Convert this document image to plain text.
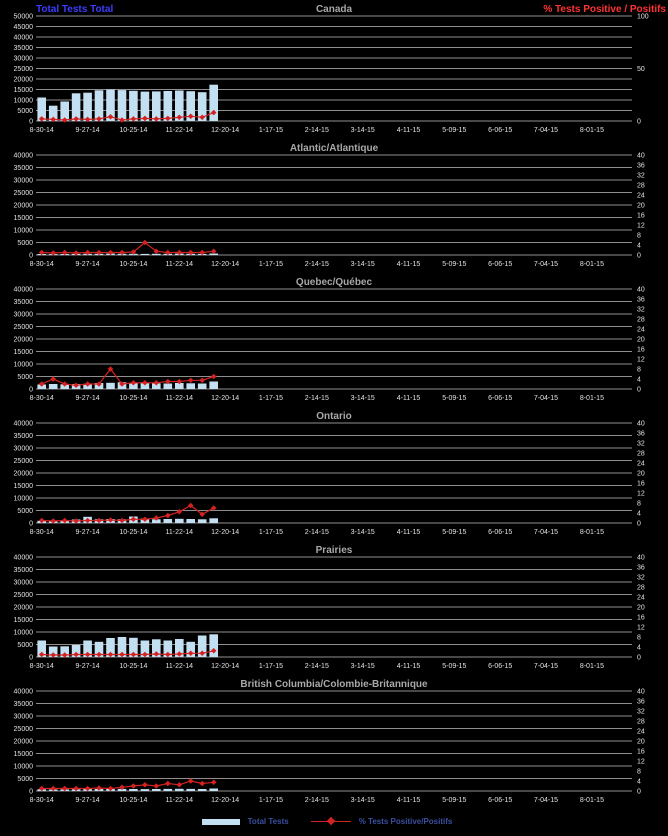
0
5000
10000
15000
20000
25000
30000
35000
40000
45000
50000
0
50
100
8-30-14	9-27-14	10-25-14	11-22-14	12-20-14	1-17-15	2-14-15	3-14-15	4-11-15	5-09-15	6-06-15	7-04-15	8-01-15
Canada
Total Tests Total	% Tests Positive / Positifs
0
5000
10000
15000
20000
25000
30000
35000
40000
0
4
8
12
16
20
24
28
32
36
40
8-30-14	9-27-14	10-25-14	11-22-14	12-20-14	1-17-15	2-14-15	3-14-15	4-11-15	5-09-15	6-06-15	7-04-15	8-01-15
Atlantic/Atlantique
0
5000
10000
15000
20000
25000
30000
35000
40000
0
4
8
12
16
20
24
28
32
36
40
8-30-14	9-27-14	10-25-14	11-22-14	12-20-14	1-17-15	2-14-15	3-14-15	4-11-15	5-09-15	6-06-15	7-04-15	8-01-15
Quebec/Québec
0
5000
10000
15000
20000
25000
30000
35000
40000
0
4
8
12
16
20
24
28
32
36
40
8-30-14	9-27-14	10-25-14	11-22-14	12-20-14	1-17-15	2-14-15	3-14-15	4-11-15	5-09-15	6-06-15	7-04-15	8-01-15
Ontario
0
5000
10000
15000
20000
25000
30000
35000
40000
0
4
8
12
16
20
24
28
32
36
40
8-30-14	9-27-14	10-25-14	11-22-14	12-20-14	1-17-15	2-14-15	3-14-15	4-11-15	5-09-15	6-06-15	7-04-15	8-01-15
Prairies
0
5000
10000
15000
20000
25000
30000
35000
40000
0
4
8
12
16
20
24
28
32
36
40
8-30-14	9-27-14	10-25-14	11-22-14	12-20-14	1-17-15	2-14-15	3-14-15	4-11-15	5-09-15	6-06-15	7-04-15	8-01-15
British Columbia/Colombie-Britannique
Total Tests	% Tests Positive/Positifs
